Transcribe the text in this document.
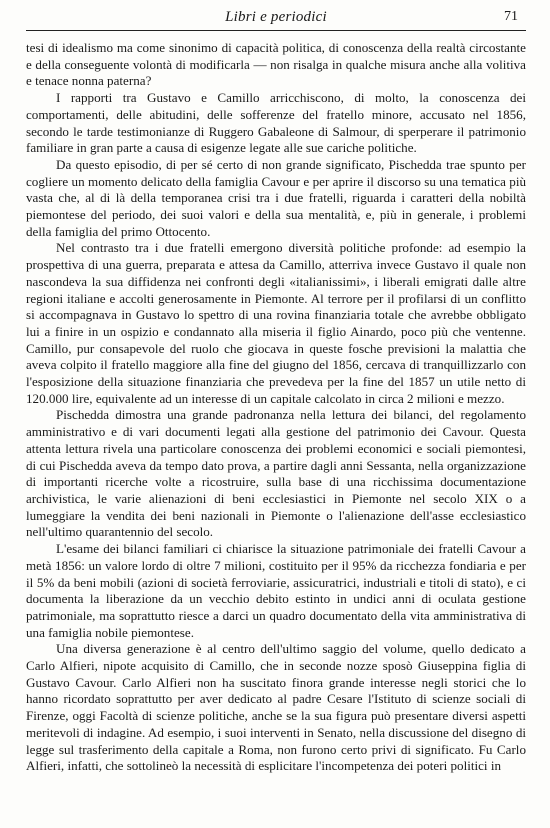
Libri e periodici	71

tesi di idealismo ma come sinonimo di capacità politica, di conoscenza della realtà circostante e della conseguente volontà di modificarla — non risalga in qualche misura anche alla volitiva e tenace nonna paterna?

I rapporti tra Gustavo e Camillo arricchiscono, di molto, la conoscenza dei comportamenti, delle abitudini, delle sofferenze del fratello minore, accusato nel 1856, secondo le tarde testimonianze di Ruggero Gabaleone di Salmour, di sperperare il patrimonio familiare in gran parte a causa di esigenze legate alle sue cariche politiche.

Da questo episodio, di per sé certo di non grande significato, Pischedda trae spunto per cogliere un momento delicato della famiglia Cavour e per aprire il discorso su una tematica più vasta che, al di là della temporanea crisi tra i due fratelli, riguarda i caratteri della nobiltà piemontese del periodo, dei suoi valori e della sua mentalità, e, più in generale, i problemi della famiglia del primo Ottocento.

Nel contrasto tra i due fratelli emergono diversità politiche profonde: ad esempio la prospettiva di una guerra, preparata e attesa da Camillo, atterriva invece Gustavo il quale non nascondeva la sua diffidenza nei confronti degli «italianissimi», i liberali emigrati dalle altre regioni italiane e accolti generosamente in Piemonte. Al terrore per il profilarsi di un conflitto si accompagnava in Gustavo lo spettro di una rovina finanziaria totale che avrebbe obbligato lui a finire in un ospizio e condannato alla miseria il figlio Ainardo, poco più che ventenne. Camillo, pur consapevole del ruolo che giocava in queste fosche previsioni la malattia che aveva colpito il fratello maggiore alla fine del giugno del 1856, cercava di tranquillizzarlo con l'esposizione della situazione finanziaria che prevedeva per la fine del 1857 un utile netto di 120.000 lire, equivalente ad un interesse di un capitale calcolato in circa 2 milioni e mezzo.

Pischedda dimostra una grande padronanza nella lettura dei bilanci, del regolamento amministrativo e di vari documenti legati alla gestione del patrimonio dei Cavour. Questa attenta lettura rivela una particolare conoscenza dei problemi economici e sociali piemontesi, di cui Pischedda aveva da tempo dato prova, a partire dagli anni Sessanta, nella organizzazione di importanti ricerche volte a ricostruire, sulla base di una ricchissima documentazione archivistica, le varie alienazioni di beni ecclesiastici in Piemonte nel secolo XIX o a lumeggiare la vendita dei beni nazionali in Piemonte o l'alienazione dell'asse ecclesiastico nell'ultimo quarantennio del secolo.

L'esame dei bilanci familiari ci chiarisce la situazione patrimoniale dei fratelli Cavour a metà 1856: un valore lordo di oltre 7 milioni, costituito per il 95% da ricchezza fondiaria e per il 5% da beni mobili (azioni di società ferroviarie, assicuratrici, industriali e titoli di stato), e ci documenta la liberazione da un vecchio debito estinto in undici anni di oculata gestione patrimoniale, ma soprattutto riesce a darci un quadro documentato della vita amministrativa di una famiglia nobile piemontese.

Una diversa generazione è al centro dell'ultimo saggio del volume, quello dedicato a Carlo Alfieri, nipote acquisito di Camillo, che in seconde nozze sposò Giuseppina figlia di Gustavo Cavour. Carlo Alfieri non ha suscitato finora grande interesse negli storici che lo hanno ricordato soprattutto per aver dedicato al padre Cesare l'Istituto di scienze sociali di Firenze, oggi Facoltà di scienze politiche, anche se la sua figura può presentare diversi aspetti meritevoli di indagine. Ad esempio, i suoi interventi in Senato, nella discussione del disegno di legge sul trasferimento della capitale a Roma, non furono certo privi di significato. Fu Carlo Alfieri, infatti, che sottolineò la necessità di esplicitare l'incompetenza dei poteri politici in
